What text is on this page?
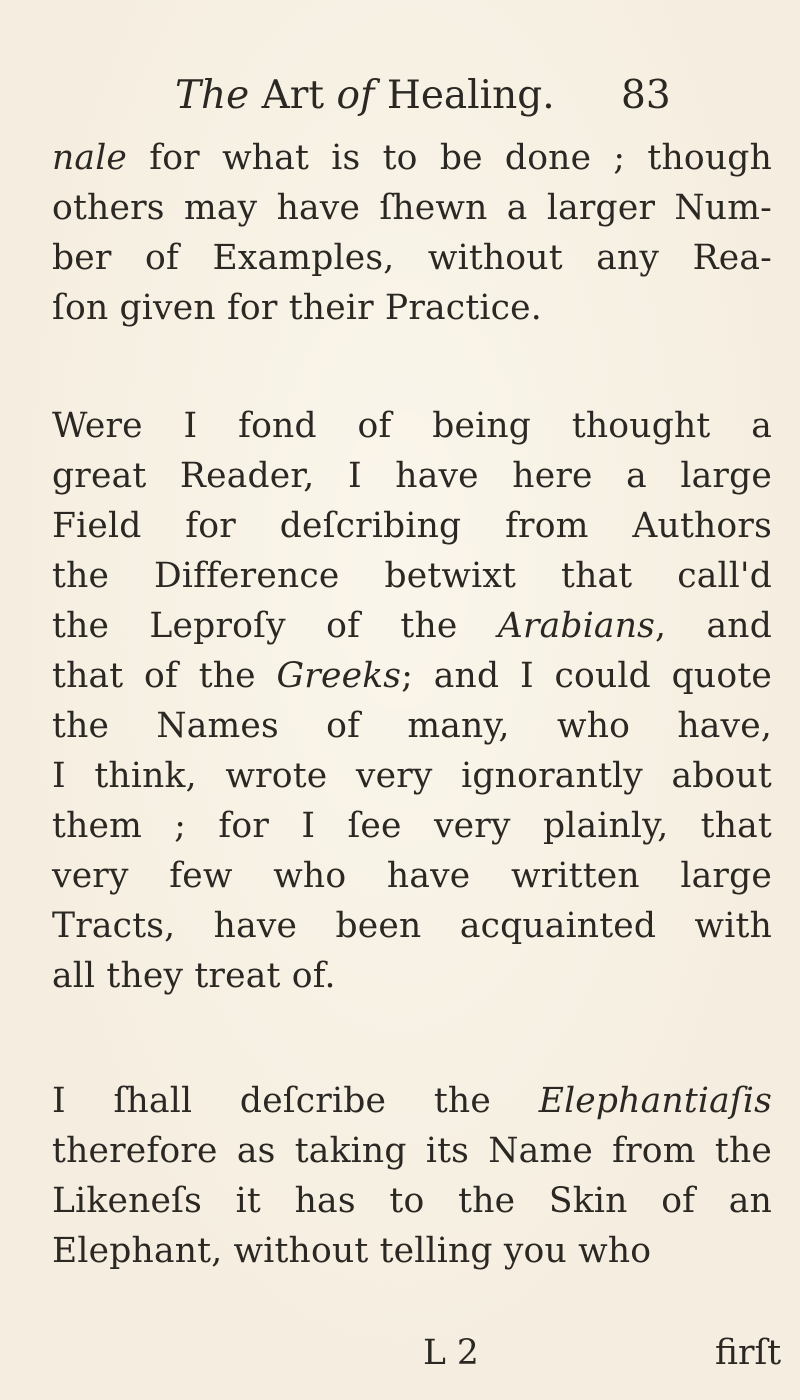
The Art of Healing. 83
nale for what is to be done ; though
others may have ſhewn a larger Num-
ber of Examples, without any Rea-
ſon given for their Practice.
Were I fond of being thought a
great Reader, I have here a large
Field for deſcribing from Authors
the Difference betwixt that call'd
the Leproſy of the Arabians, and
that of the Greeks; and I could quote
the Names of many, who have,
I think, wrote very ignorantly about
them ; for I ſee very plainly, that
very few who have written large
Tracts, have been acquainted with
all they treat of.
I ſhall deſcribe the Elephantiaſis
therefore as taking its Name from the
Likeneſs it has to the Skin of an
Elephant, without telling you who
L 2	firſt
